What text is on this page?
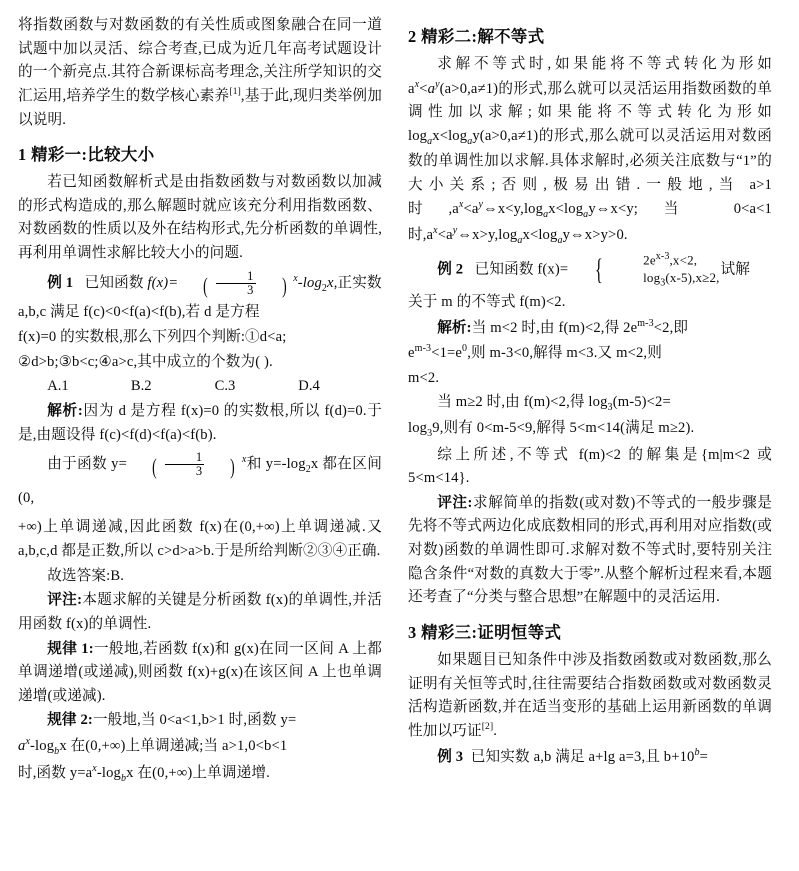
将指数函数与对数函数的有关性质或图象融合在同一道试题中加以灵活、综合考查,已成为近几年高考试题设计的一个新亮点.其符合新课标高考理念,关注所学知识的交汇运用,培养学生的数学核心素养[1],基于此,现归类举例加以说明.

1 精彩一:比较大小

若已知函数解析式是由指数函数与对数函数以加减的形式构造成的,那么解题时就应该充分利用指数函数、对数函数的性质以及外在结构形式,先分析函数的单调性,再利用单调性求解比较大小的问题.

例 1 已知函数 f(x)= ( $\frac{1}{3}$ ) $^x-\log_2x$,正实数

a,b,c 满足 f(c)<0<f(a)<f(b),若 d 是方程

f(x)=0 的实数根,那么下列四个判断:①d<a;

②d>b;③b<c;④a>c,其中成立的个数为( ).

A.1	B.2	C.3	D.4

解析:因为 d 是方程 f(x)=0 的实数根,所以 f(d)=0.于是,由题设得 f(c)<f(d)<f(a)<f(b).

由于函数 y= ( $\frac{1}{3}$ ) $^x$和 $y=-\log_2x$ 都在区间(0,

+∞)上单调递减,因此函数 f(x)在(0,+∞)上单调递减.又 a,b,c,d 都是正数,所以 c>d>a>b.于是所给判断②③④正确.

故选答案:B.

评注:本题求解的关键是分析函数 f(x)的单调性,并活用函数 f(x)的单调性.

规律 1:一般地,若函数 f(x)和 g(x)在同一区间 A 上都单调递增(或递减),则函数 f(x)+g(x)在该区间 A 上也单调递增(或递减).

规律 2:一般地,当 0<a<1,b>1 时,函数 y=

$a^x-\log_bx$ 在(0,+∞)上单调递减;当 a>1,0<b<1

时,函数 $y=a^x-\log_bx$ 在(0,+∞)上单调递增.

2 精彩二:解不等式

求解不等式时,如果能将不等式转化为形如 $a^x<a^y(a>0,a\ne 1)$的形式,那么就可以灵活运用指数函数的单调性加以求解;如果能将不等式转化为形如 $\log_ax<\log_ay(a>0,a\ne 1)$的形式,那么就可以灵活运用对数函数的单调性加以求解.具体求解时,必须关注底数与“1”的大小关系;否则,极易出错.一般地,当 a>1 时$,a^x<a^y\Leftrightarrow x<y,\log_ax<\log_ay\Leftrightarrow x<y$;当 0<a<1 时$,a^x<a^y\Leftrightarrow x>y,\log_ax<\log_ay\Leftrightarrow x>y>0$.

例 2 已知函数 f(x)= {	$2e^{x-3},x<2$,
$\log_3(x-5),x\ge 2$,
试解

关于 m 的不等式 f(m)<2.

解析:当 m<2 时,由 f(m)<2,得 $2e^{m-3}<2$,即

$e^{m-3}<1=e^0$,则 m-3<0,解得 m<3.又 m<2,则

m<2.

当 m≥2 时,由 f(m)<2,得 $\log_3(m-5)<2=$

$\log_39$,则有 0<m-5<9,解得 5<m<14(满足 m≥2).

综上所述,不等式 f(m)<2 的解集是{m|m<2 或 5<m<14}.

评注:求解简单的指数(或对数)不等式的一般步骤是先将不等式两边化成底数相同的形式,再利用对应指数(或对数)函数的单调性即可.求解对数不等式时,要特别关注隐含条件“对数的真数大于零”.从整个解析过程来看,本题还考查了“分类与整合思想”在解题中的灵活运用.

3 精彩三:证明恒等式

如果题目已知条件中涉及指数函数或对数函数,那么证明有关恒等式时,往往需要结合指数函数或对数函数灵活构造新函数,并在适当变形的基础上运用新函数的单调性加以巧证[2].

例 3 已知实数 a,b 满足 a+lg a=3,且 $b+10^b=$
